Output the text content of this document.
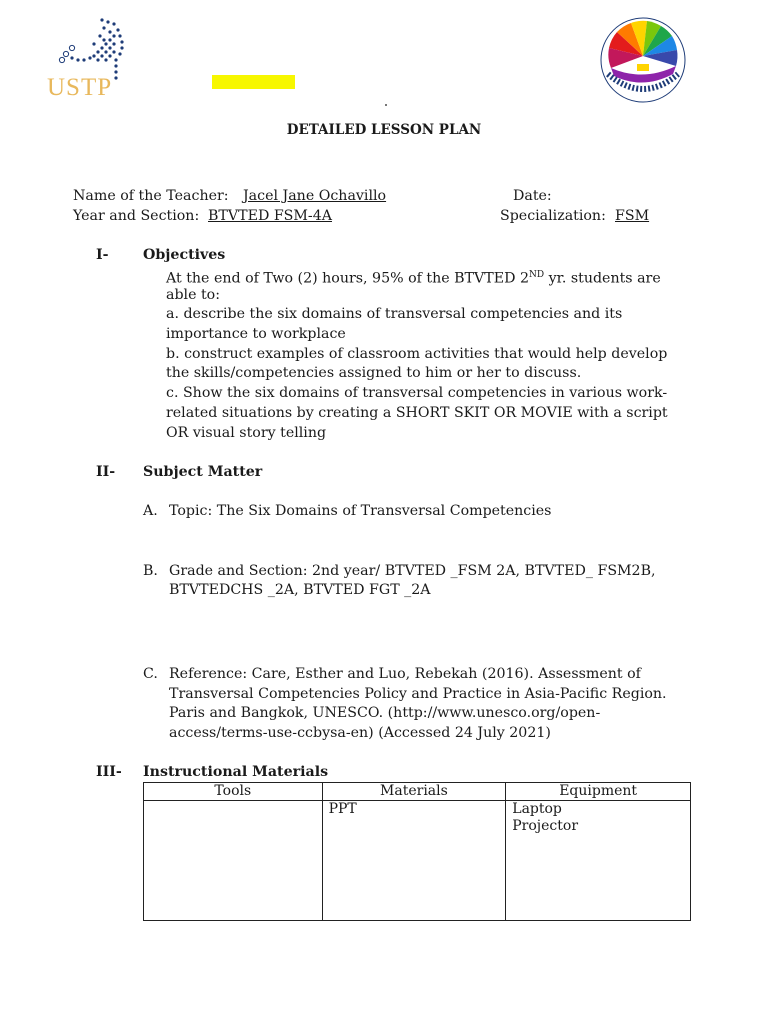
USTP
DETAILED LESSON PLAN
Name of the Teacher: Jacel Jane Ochavillo	Date:
Year and Section: BTVTED FSM-4A	Specialization: FSM
I- Objectives
At the end of Two (2) hours, 95% of the BTVTED 2ND yr. students are
able to:
a. describe the six domains of transversal competencies and its
importance to workplace
b. construct examples of classroom activities that would help develop
the skills/competencies assigned to him or her to discuss.
c. Show the six domains of transversal competencies in various work-
related situations by creating a SHORT SKIT OR MOVIE with a script
OR visual story telling
II- Subject Matter
A. Topic: The Six Domains of Transversal Competencies
B. Grade and Section: 2nd year/ BTVTED _FSM 2A, BTVTED_ FSM2B,
BTVTEDCHS _2A, BTVTED FGT _2A
C. Reference: Care, Esther and Luo, Rebekah (2016). Assessment of
Transversal Competencies Policy and Practice in Asia-Pacific Region.
Paris and Bangkok, UNESCO. (http://www.unesco.org/open-
access/terms-use-ccbysa-en) (Accessed 24 July 2021)
III- Instructional Materials
Tools	Materials	Equipment
	PPT	Laptop
Projector
